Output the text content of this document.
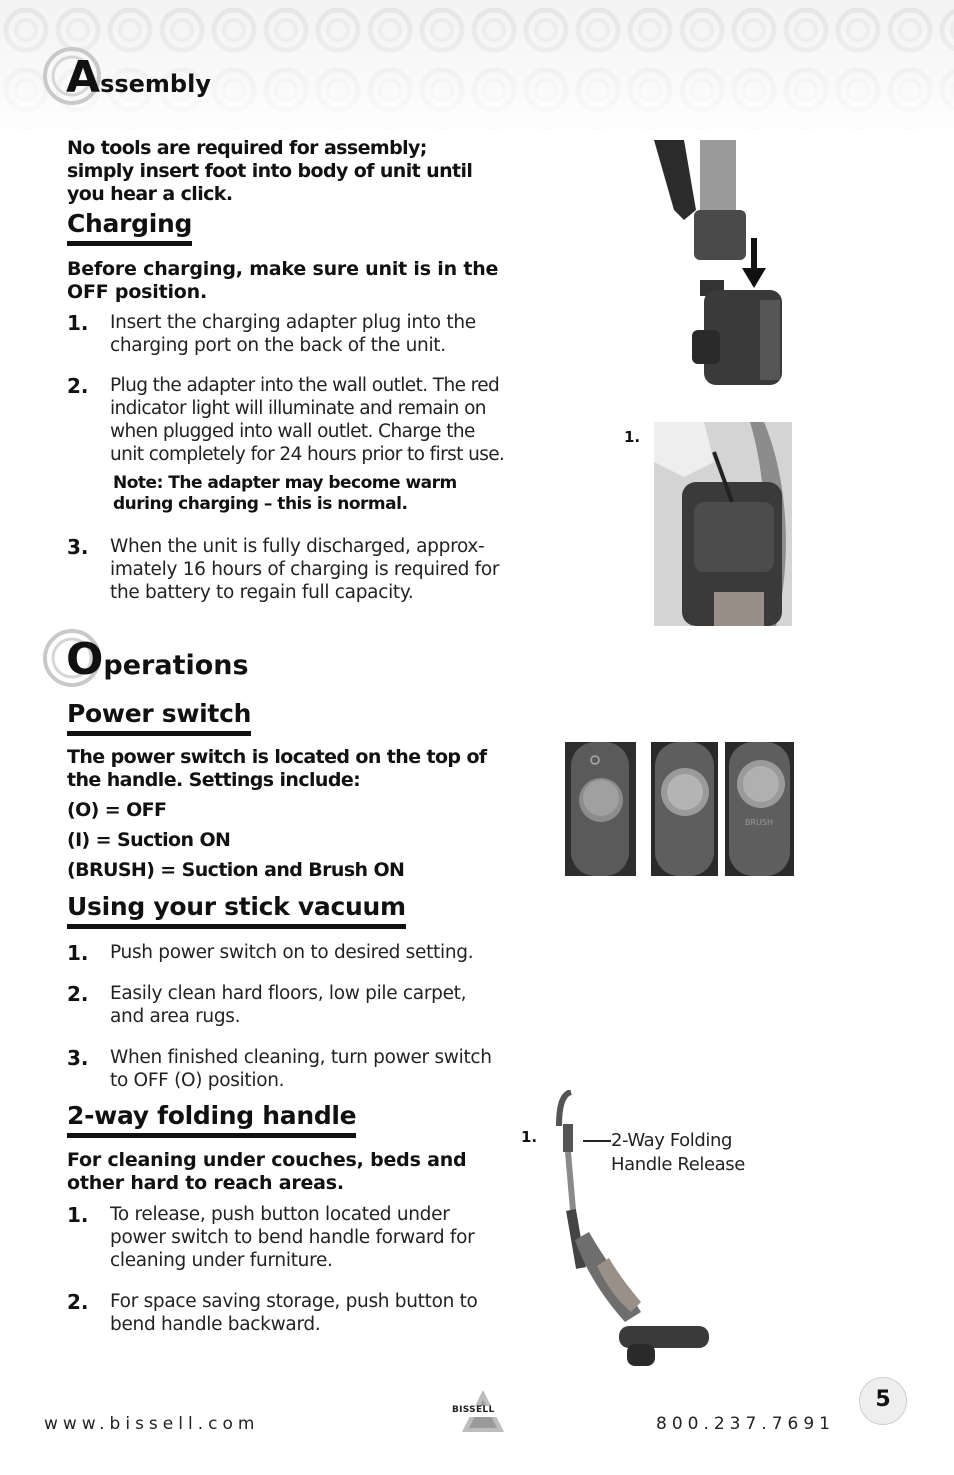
Assembly
No tools are required for assembly; simply insert foot into body of unit until you hear a click.
Charging
Before charging, make sure unit is in the OFF position.
1. Insert the charging adapter plug into the charging port on the back of the unit.
2. Plug the adapter into the wall outlet. The red indicator light will illuminate and remain on when plugged into wall outlet. Charge the unit completely for 24 hours prior to first use.
Note: The adapter may become warm during charging – this is normal.
3. When the unit is fully discharged, approx-imately 16 hours of charging is required for the battery to regain full capacity.
1.
Operations
Power switch
The power switch is located on the top of the handle. Settings include:
(O) = OFF
(I) = Suction ON
(BRUSH) = Suction and Brush ON
BRUSH
Using your stick vacuum
1. Push power switch on to desired setting.
2. Easily clean hard floors, low pile carpet, and area rugs.
3. When finished cleaning, turn power switch to OFF (O) position.
2-way folding handle
For cleaning under couches, beds and other hard to reach areas.
1. To release, push button located under power switch to bend handle forward for cleaning under furniture.
2. For space saving storage, push button to bend handle backward.
1.	2-Way Folding
Handle Release
www.bissell.com
BISSELL
800.237.7691
5
